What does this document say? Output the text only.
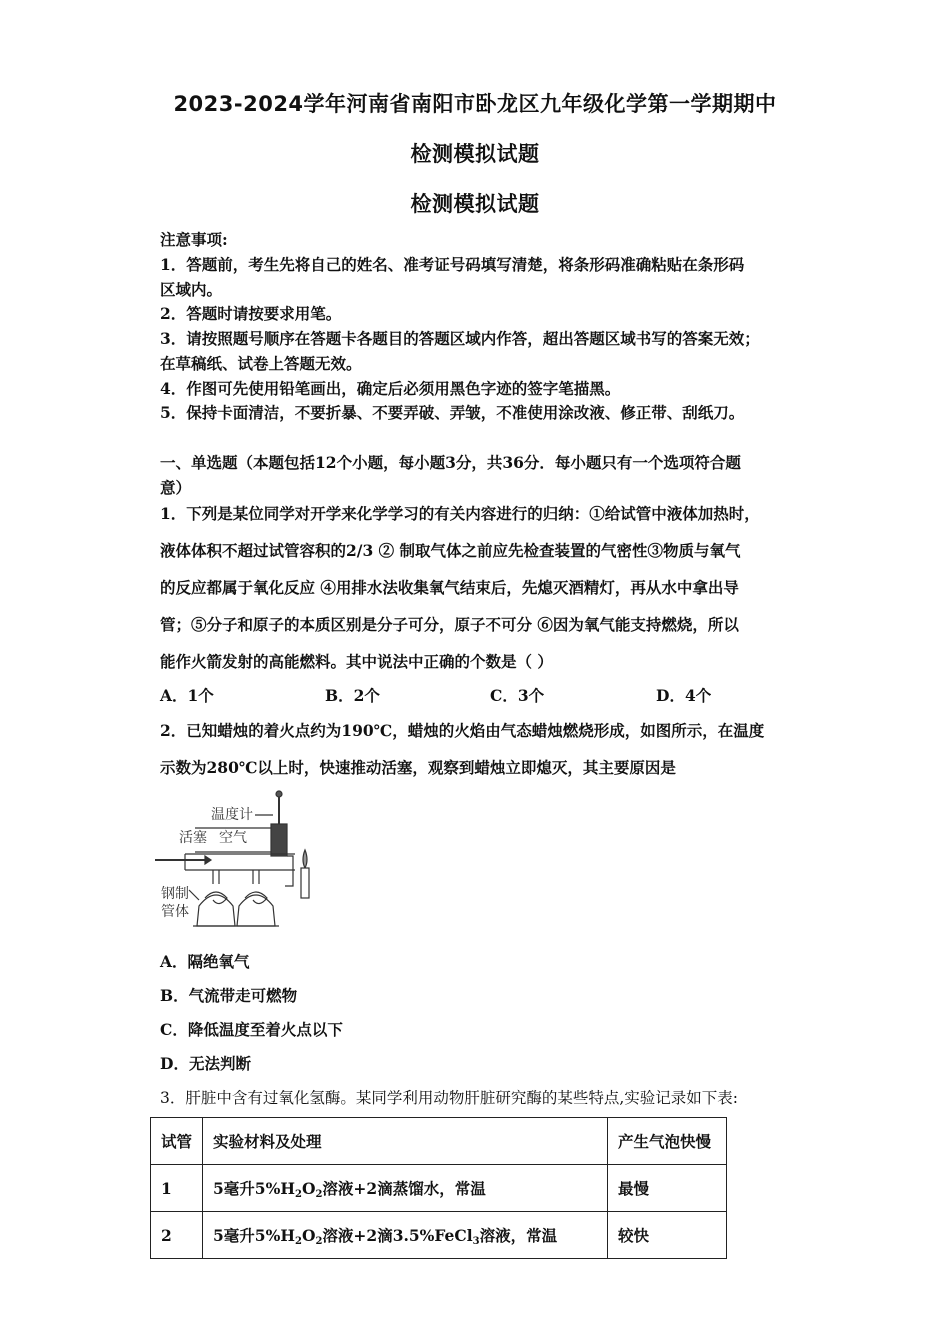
2023-2024学年河南省南阳市卧龙区九年级化学第一学期期中
检测模拟试题
检测模拟试题
注意事项:
1．答题前，考生先将自己的姓名、准考证号码填写清楚，将条形码准确粘贴在条形码
区域内。
2．答题时请按要求用笔。
3．请按照题号顺序在答题卡各题目的答题区域内作答，超出答题区域书写的答案无效；
在草稿纸、试卷上答题无效。
4．作图可先使用铅笔画出，确定后必须用黑色字迹的签字笔描黑。
5．保持卡面清洁，不要折暴、不要弄破、弄皱，不准使用涂改液、修正带、刮纸刀。
一、单选题（本题包括12个小题，每小题3分，共36分．每小题只有一个选项符合题
意）
1．下列是某位同学对开学来化学学习的有关内容进行的归纳：①给试管中液体加热时，
液体体积不超过试管容积的2/3 ② 制取气体之前应先检查装置的气密性③物质与氧气
的反应都属于氧化反应 ④用排水法收集氧气结束后，先熄灭酒精灯，再从水中拿出导
管；⑤分子和原子的本质区别是分子可分，原子不可分 ⑥因为氧气能支持燃烧，所以
能作火箭发射的高能燃料。其中说法中正确的个数是（ ）
A．1个	B．2个	C．3个	D．4个
2．已知蜡烛的着火点约为190℃，蜡烛的火焰由气态蜡烛燃烧形成，如图所示，在温度
示数为280℃以上时，快速推动活塞，观察到蜡烛立即熄灭，其主要原因是
温度计
活塞 空气
钢制
管体
A．隔绝氧气
B．气流带走可燃物
C．降低温度至着火点以下
D．无法判断
3．肝脏中含有过氧化氢酶。某同学利用动物肝脏研究酶的某些特点,实验记录如下表:
试管	实验材料及处理	产生气泡快慢
1	5毫升$5\%H_2O_2$溶液+2滴蒸馏水，常温	最慢
2	5毫升$5\%H_2O_2$溶液+2滴3.5%FeCl$_3$溶液，常温	较快
